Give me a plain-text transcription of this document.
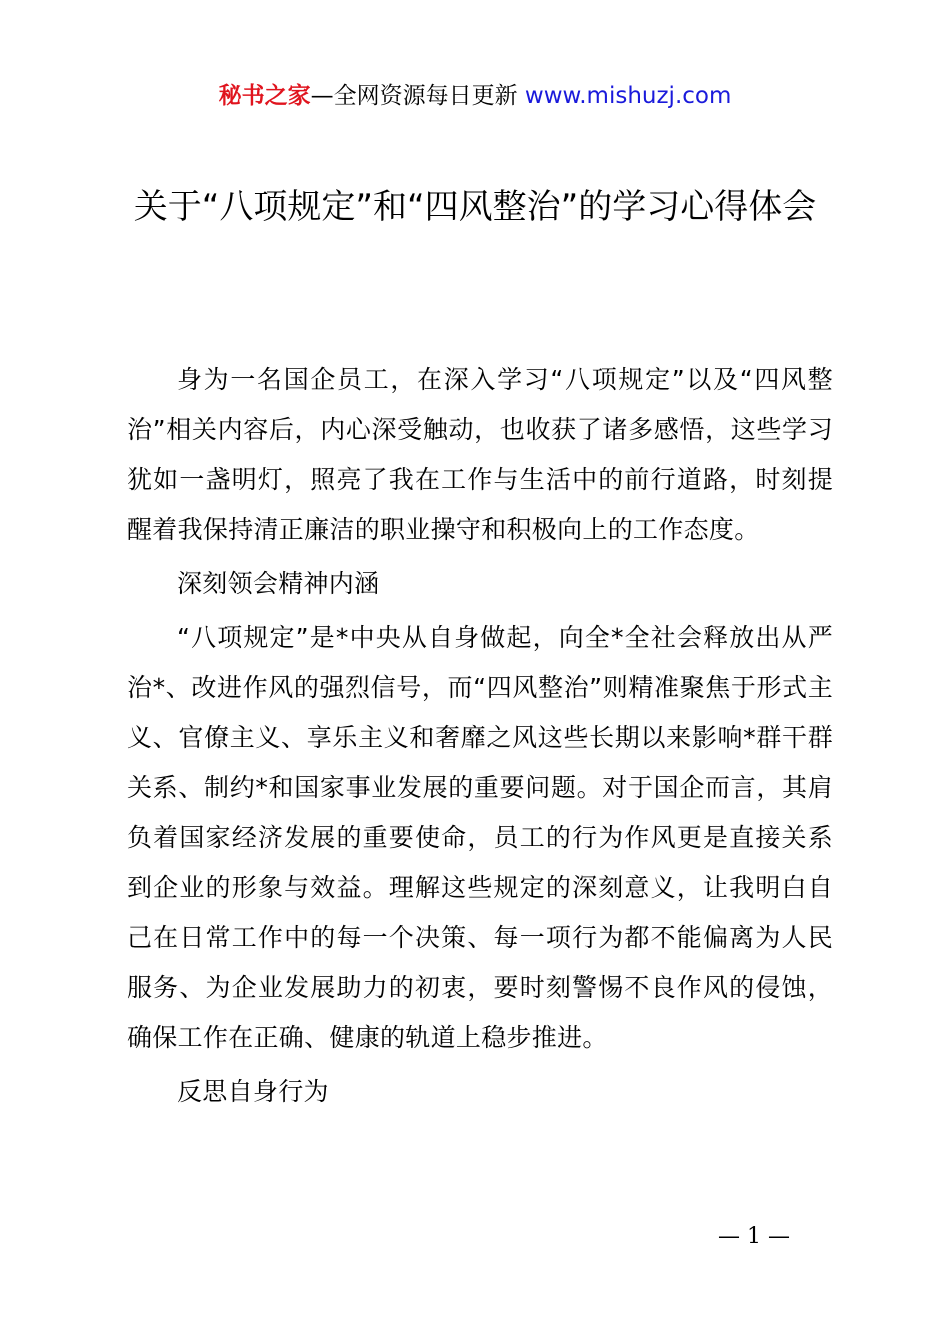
秘书之家—全网资源每日更新 www.mishuzj.com
关于“八项规定”和“四风整治”的学习心得体会

身为一名国企员工，在深入学习“八项规定”以及“四风整治”相关内容后，内心深受触动，也收获了诸多感悟，这些学习犹如一盏明灯，照亮了我在工作与生活中的前行道路，时刻提醒着我保持清正廉洁的职业操守和积极向上的工作态度。

深刻领会精神内涵

“八项规定”是*中央从自身做起，向全*全社会释放出从严治*、改进作风的强烈信号，而“四风整治”则精准聚焦于形式主义、官僚主义、享乐主义和奢靡之风这些长期以来影响*群干群关系、制约*和国家事业发展的重要问题。对于国企而言，其肩负着国家经济发展的重要使命，员工的行为作风更是直接关系到企业的形象与效益。理解这些规定的深刻意义，让我明白自己在日常工作中的每一个决策、每一项行为都不能偏离为人民服务、为企业发展助力的初衷，要时刻警惕不良作风的侵蚀，确保工作在正确、健康的轨道上稳步推进。

反思自身行为

— 1 —
